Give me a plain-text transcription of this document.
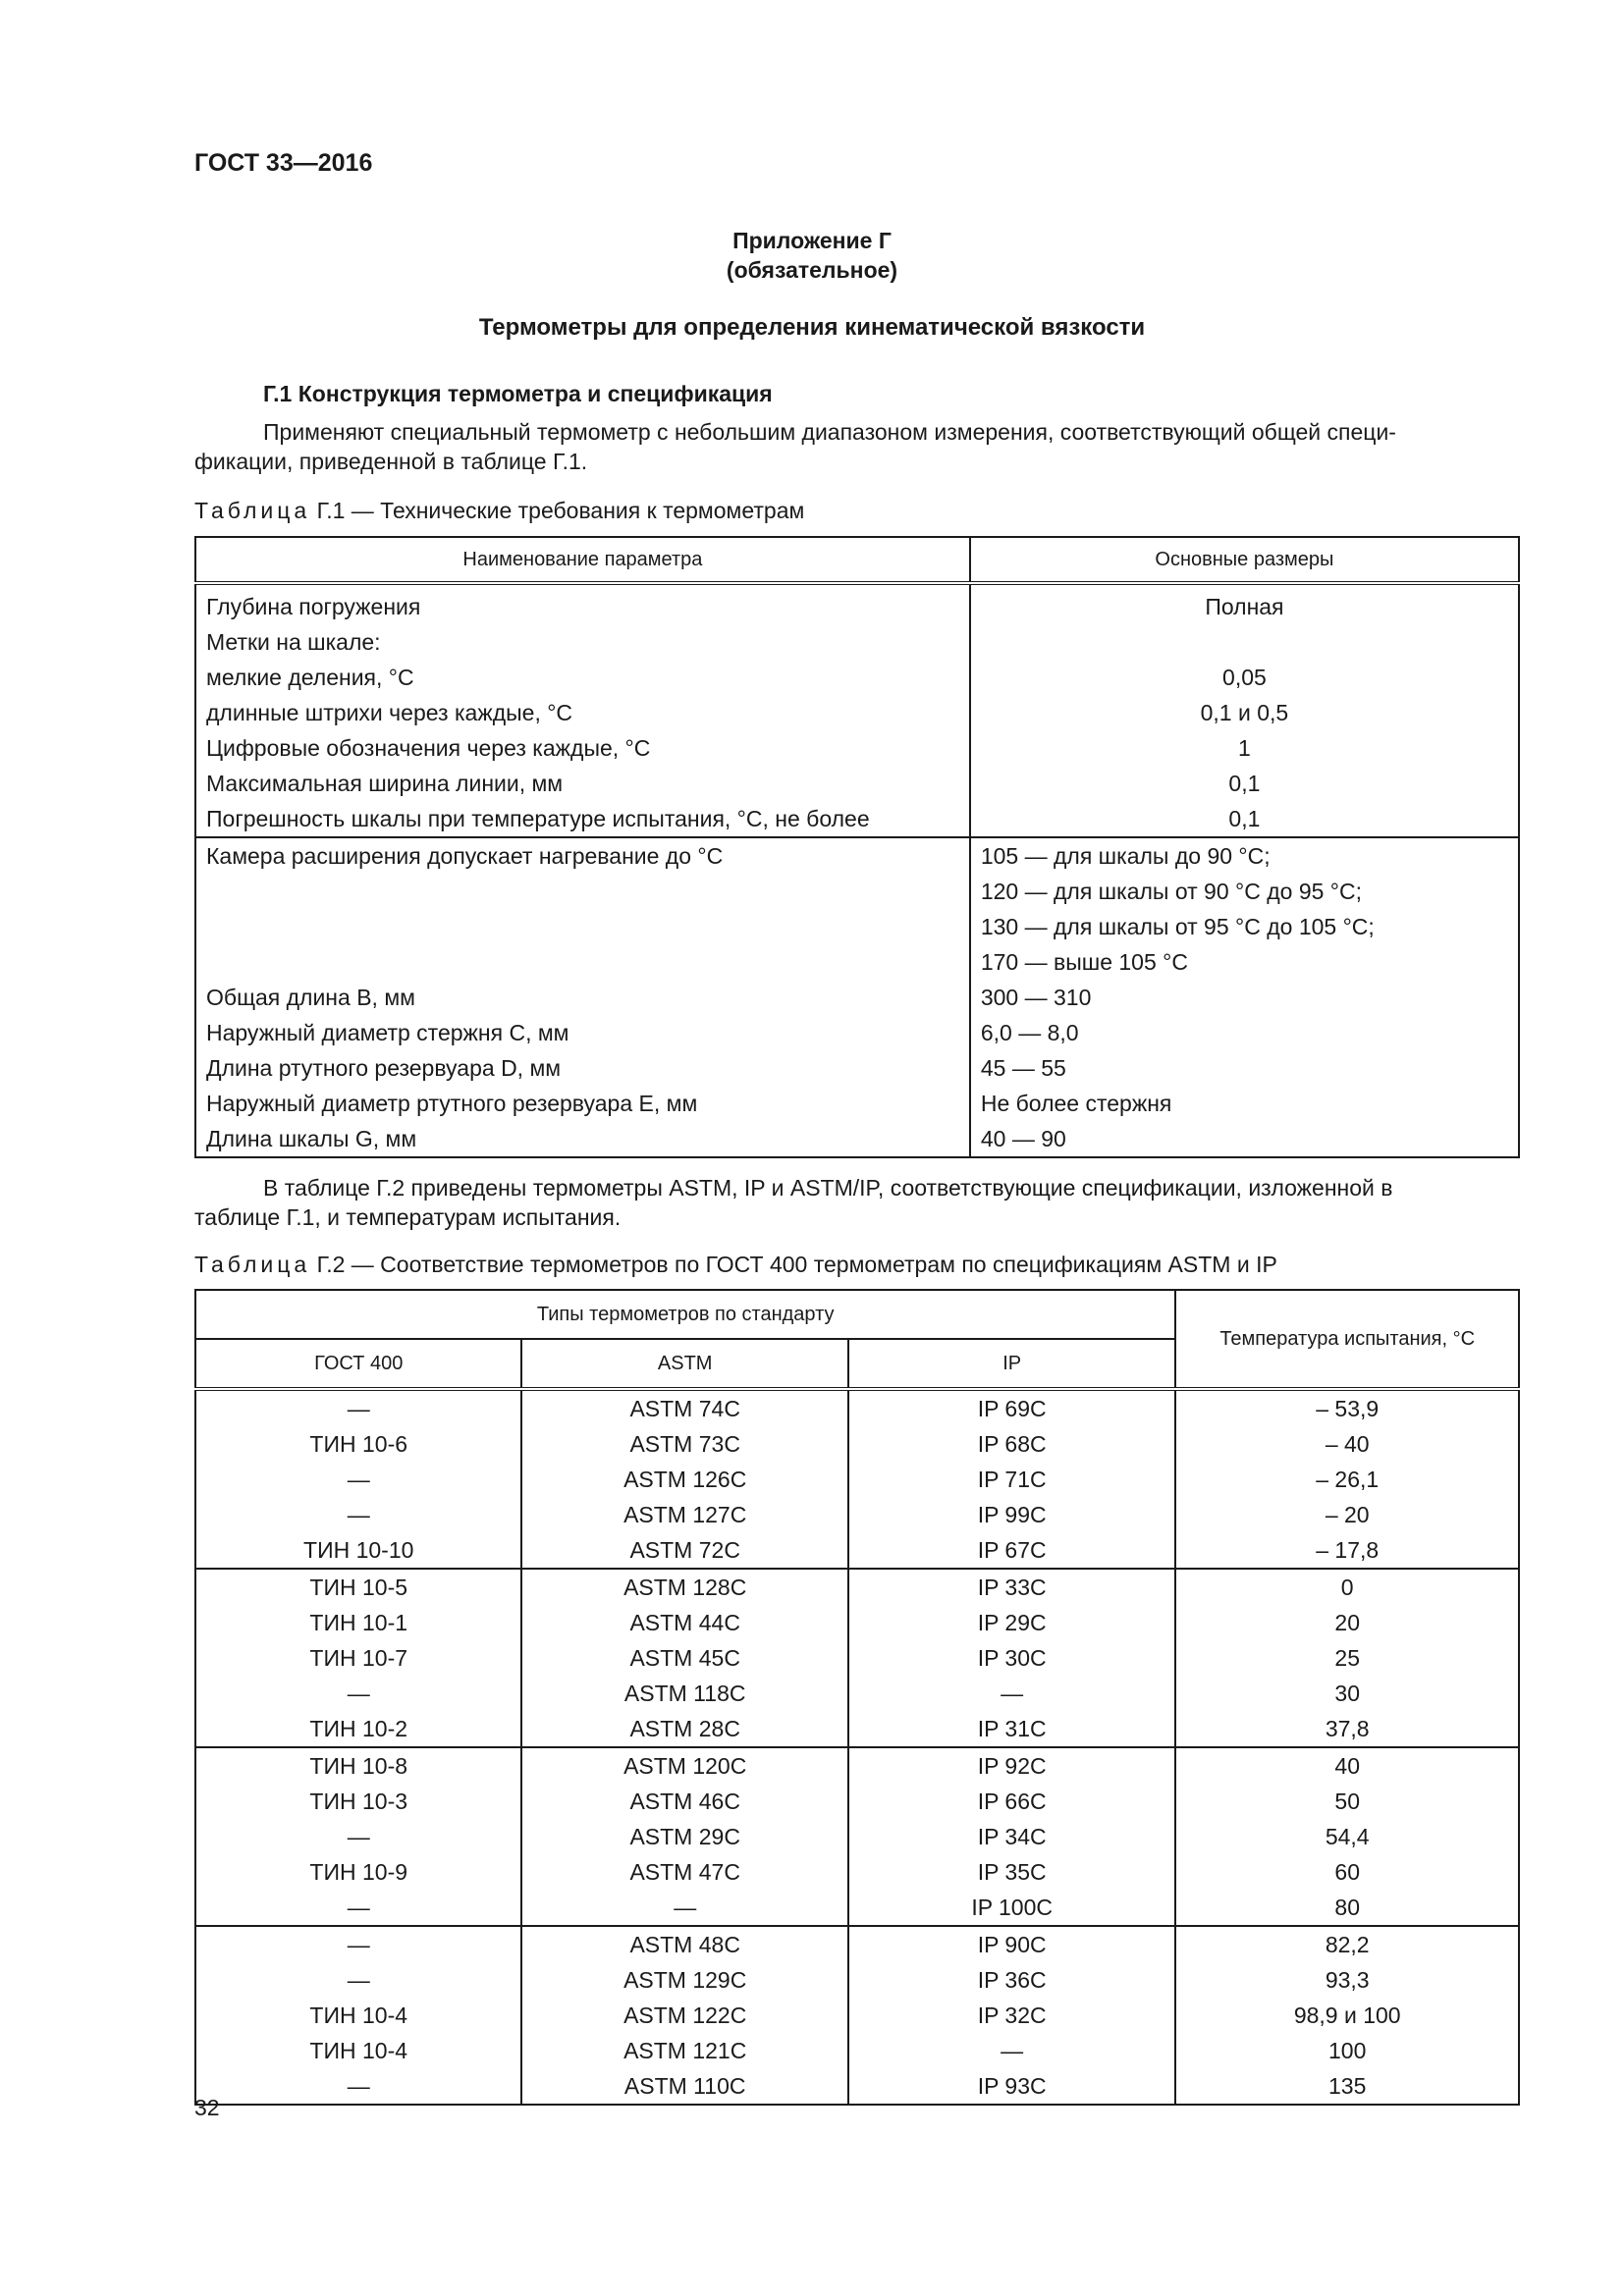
ГОСТ 33—2016
Приложение Г
(обязательное)
Термометры для определения кинематической вязкости
Г.1 Конструкция термометра и спецификация
Применяют специальный термометр с небольшим диапазоном измерения, соответствующий общей специ-
фикации, приведенной в таблице Г.1.
Таблица Г.1 — Технические требования к термометрам
Наименование параметра	Основные размеры
Глубина погружения	Полная
Метки на шкале:	
мелкие деления, °С	0,05
длинные штрихи через каждые, °С	0,1 и 0,5
Цифровые обозначения через каждые, °С	1
Максимальная ширина линии, мм	0,1
Погрешность шкалы при температуре испытания, °С, не более	0,1
Камера расширения допускает нагревание до °С	105 — для шкалы до 90 °С;
	120 — для шкалы от 90 °С до 95 °С;
	130 — для шкалы от 95 °С до 105 °С;
	170 — выше 105 °С
Общая длина В, мм	300 — 310
Наружный диаметр стержня С, мм	6,0 — 8,0
Длина ртутного резервуара D, мм	45 — 55
Наружный диаметр ртутного резервуара Е, мм	Не более стержня
Длина шкалы G, мм	40 — 90
В таблице Г.2 приведены термометры ASTM, IP и ASTM/IP, соответствующие спецификации, изложенной в
таблице Г.1, и температурам испытания.
Таблица Г.2 — Соответствие термометров по ГОСТ 400 термометрам по спецификациям ASTM и IP
Типы термометров по стандарту			Температура испытания, °С
ГОСТ 400	ASTM	IP	
—	ASTM 74C	IP 69C	– 53,9
ТИН 10-6	ASTM 73C	IP 68C	– 40
—	ASTM 126C	IP 71C	– 26,1
—	ASTM 127C	IP 99C	– 20
ТИН 10-10	ASTM 72C	IP 67C	– 17,8
ТИН 10-5	ASTM 128C	IP 33C	0
ТИН 10-1	ASTM 44C	IP 29C	20
ТИН 10-7	ASTM 45C	IP 30C	25
—	ASTM 118C	—	30
ТИН 10-2	ASTM 28C	IP 31C	37,8
ТИН 10-8	ASTM 120C	IP 92C	40
ТИН 10-3	ASTM 46C	IP 66C	50
—	ASTM 29C	IP 34C	54,4
ТИН 10-9	ASTM 47C	IP 35C	60
—	—	IP 100C	80
—	ASTM 48C	IP 90C	82,2
—	ASTM 129C	IP 36C	93,3
ТИН 10-4	ASTM 122C	IP 32C	98,9 и 100
ТИН 10-4	ASTM 121C	—	100
—	ASTM 110C	IP 93C	135
32
